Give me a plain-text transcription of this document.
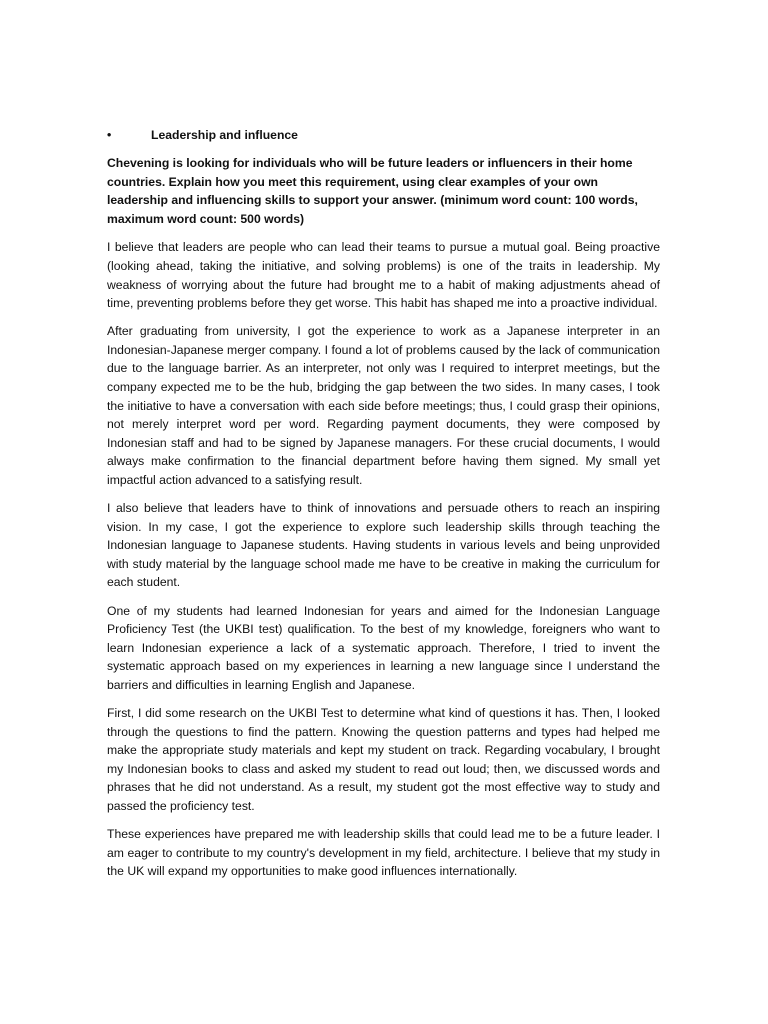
•	Leadership and influence

Chevening is looking for individuals who will be future leaders or influencers in their home countries. Explain how you meet this requirement, using clear examples of your own leadership and influencing skills to support your answer. (minimum word count: 100 words, maximum word count: 500 words)

I believe that leaders are people who can lead their teams to pursue a mutual goal. Being proactive (looking ahead, taking the initiative, and solving problems) is one of the traits in leadership. My weakness of worrying about the future had brought me to a habit of making adjustments ahead of time, preventing problems before they get worse. This habit has shaped me into a proactive individual.

After graduating from university, I got the experience to work as a Japanese interpreter in an Indonesian-Japanese merger company. I found a lot of problems caused by the lack of communication due to the language barrier. As an interpreter, not only was I required to interpret meetings, but the company expected me to be the hub, bridging the gap between the two sides. In many cases, I took the initiative to have a conversation with each side before meetings; thus, I could grasp their opinions, not merely interpret word per word. Regarding payment documents, they were composed by Indonesian staff and had to be signed by Japanese managers. For these crucial documents, I would always make confirmation to the financial department before having them signed. My small yet impactful action advanced to a satisfying result.

I also believe that leaders have to think of innovations and persuade others to reach an inspiring vision. In my case, I got the experience to explore such leadership skills through teaching the Indonesian language to Japanese students. Having students in various levels and being unprovided with study material by the language school made me have to be creative in making the curriculum for each student.

One of my students had learned Indonesian for years and aimed for the Indonesian Language Proficiency Test (the UKBI test) qualification. To the best of my knowledge, foreigners who want to learn Indonesian experience a lack of a systematic approach. Therefore, I tried to invent the systematic approach based on my experiences in learning a new language since I understand the barriers and difficulties in learning English and Japanese.

First, I did some research on the UKBI Test to determine what kind of questions it has. Then, I looked through the questions to find the pattern. Knowing the question patterns and types had helped me make the appropriate study materials and kept my student on track. Regarding vocabulary, I brought my Indonesian books to class and asked my student to read out loud; then, we discussed words and phrases that he did not understand. As a result, my student got the most effective way to study and passed the proficiency test.

These experiences have prepared me with leadership skills that could lead me to be a future leader. I am eager to contribute to my country's development in my field, architecture. I believe that my study in the UK will expand my opportunities to make good influences internationally.
